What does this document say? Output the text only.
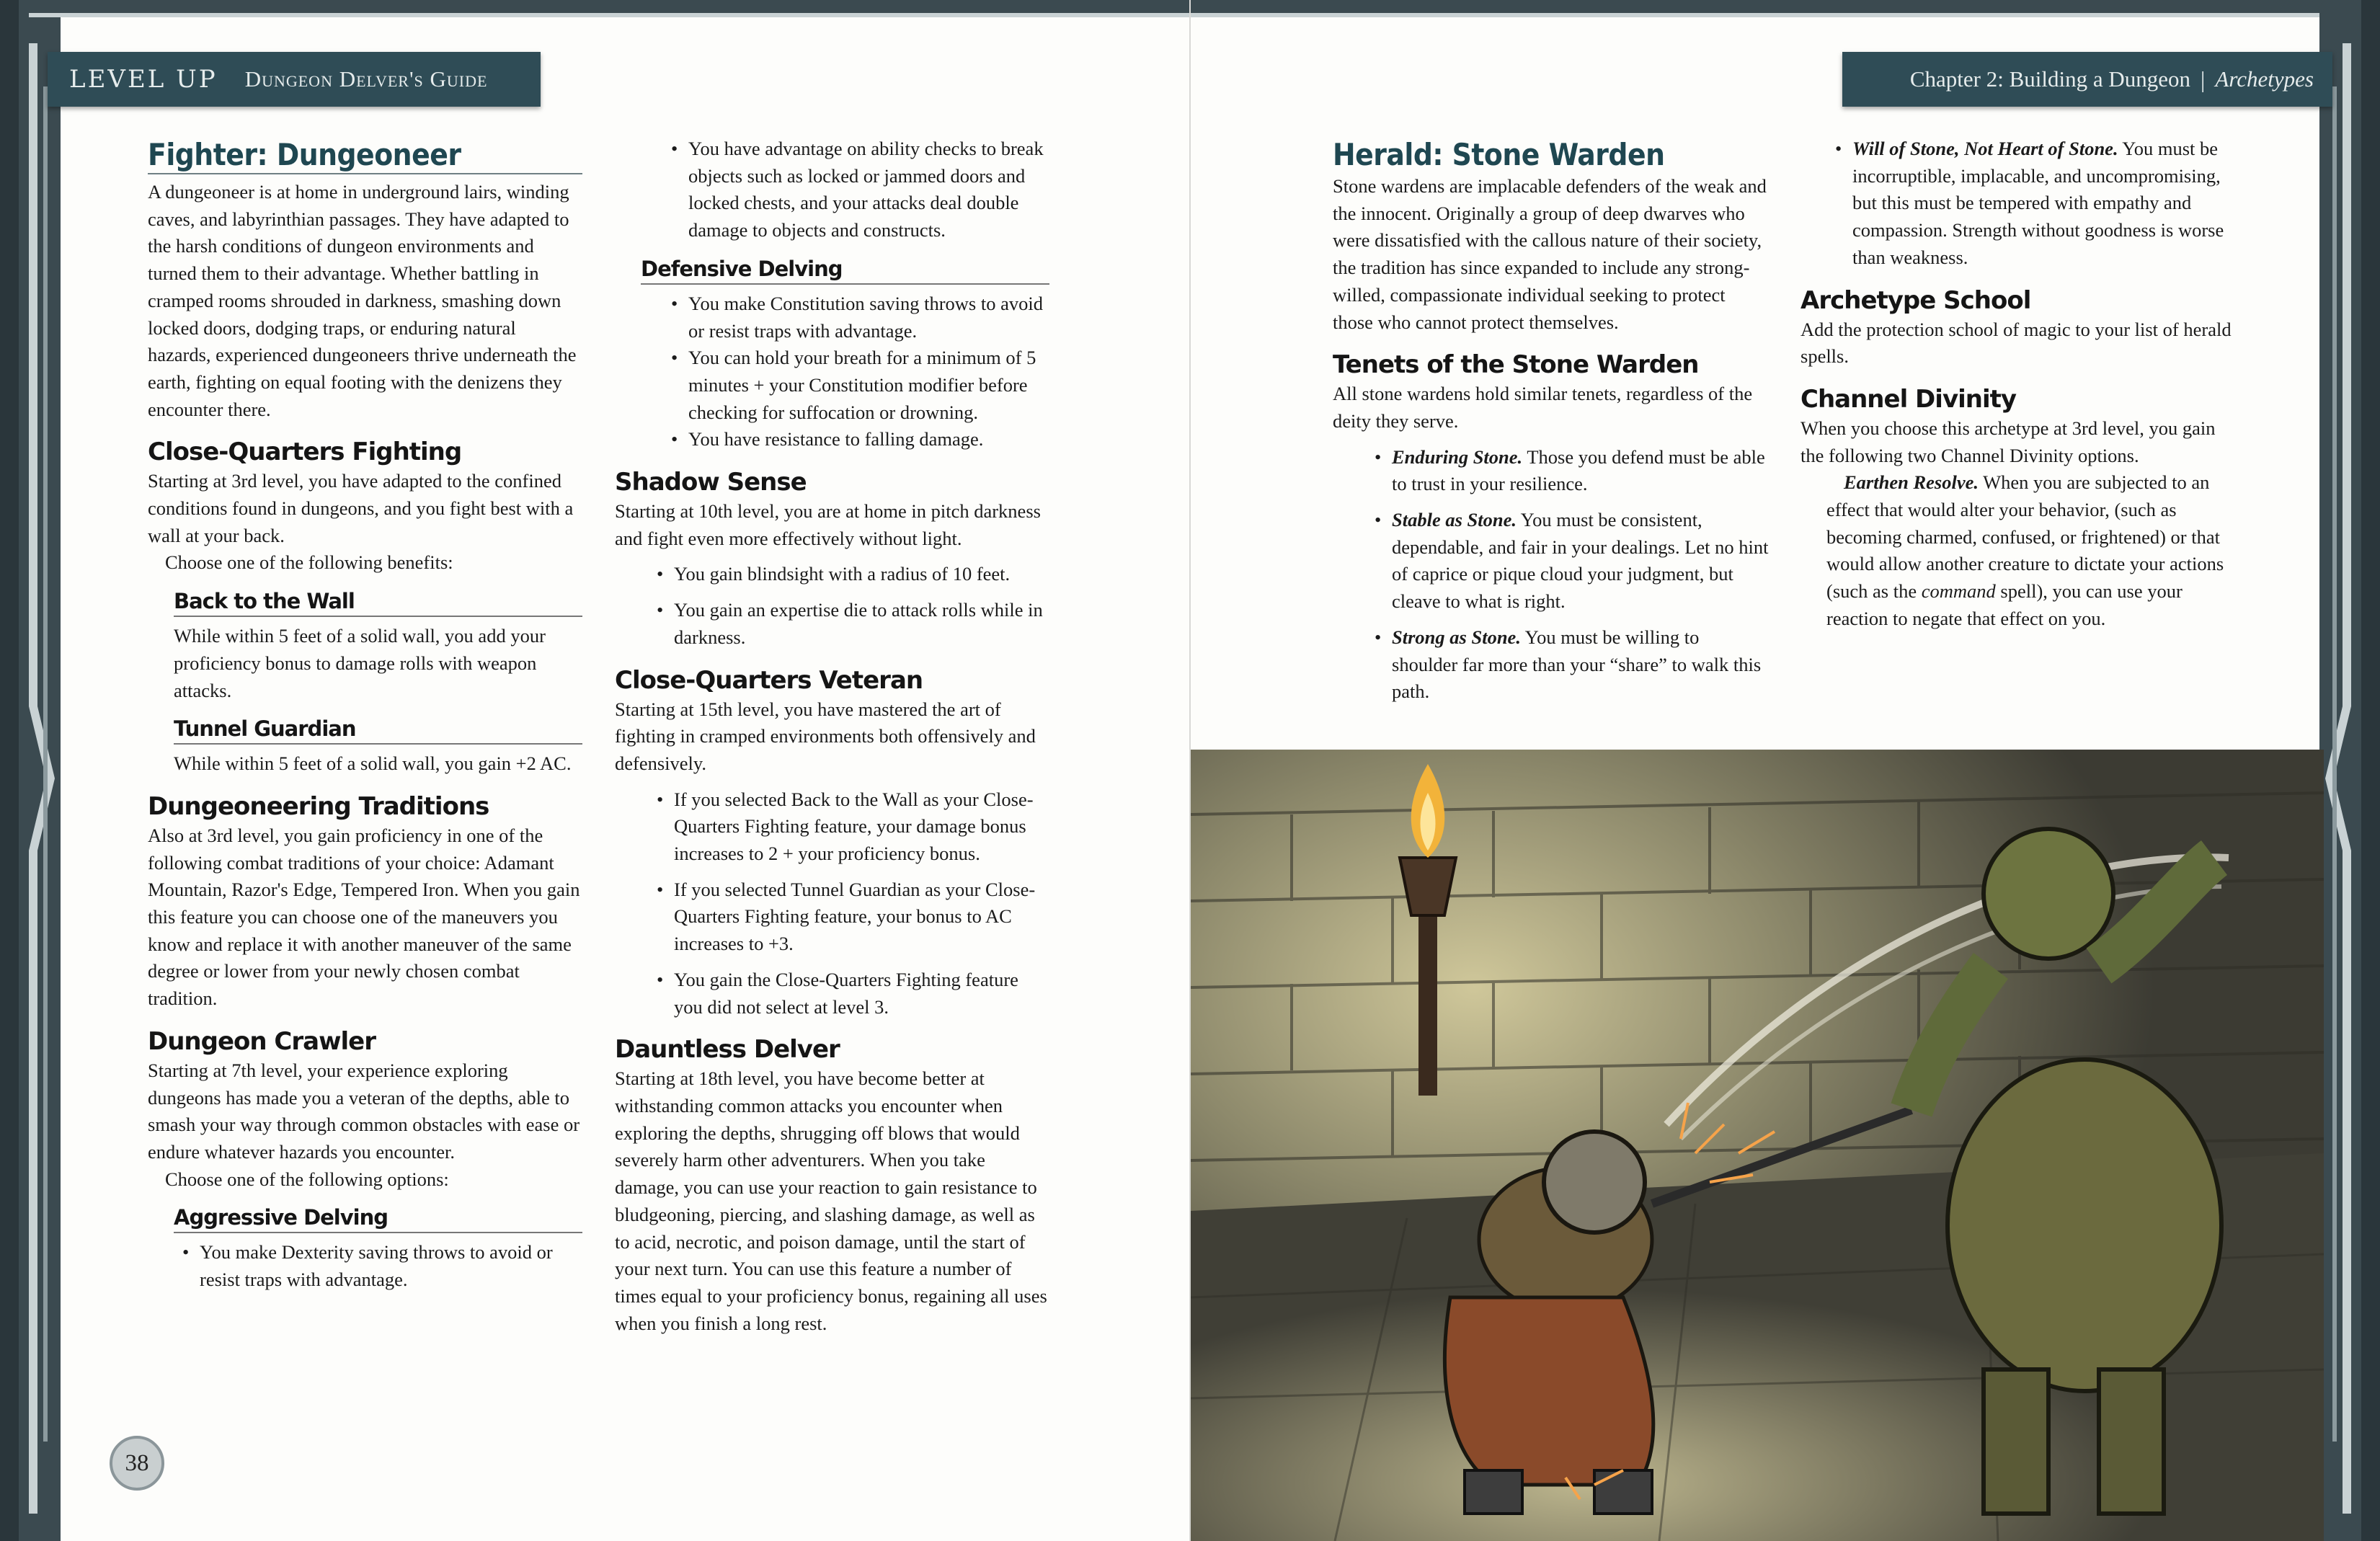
LEVEL UP Dungeon Delver's Guide
Fighter: Dungeoneer

A dungeoneer is at home in underground lairs, winding caves, and labyrinthian passages. They have adapted to the harsh conditions of dungeon environments and turned them to their advantage. Whether battling in cramped rooms shrouded in darkness, smashing down locked doors, dodging traps, or enduring natural hazards, experienced dungeoneers thrive underneath the earth, fighting on equal footing with the denizens they encounter there.

Close-Quarters Fighting

Starting at 3rd level, you have adapted to the confined conditions found in dungeons, and you fight best with a wall at your back.

Choose one of the following benefits:

Back to the Wall

While within 5 feet of a solid wall, you add your proficiency bonus to damage rolls with weapon attacks.

Tunnel Guardian

While within 5 feet of a solid wall, you gain +2 AC.

Dungeoneering Traditions

Also at 3rd level, you gain proficiency in one of the following combat traditions of your choice: Adamant Mountain, Razor's Edge, Tempered Iron. When you gain this feature you can choose one of the maneuvers you know and replace it with another maneuver of the same degree or lower from your newly chosen combat tradition.

Dungeon Crawler

Starting at 7th level, your experience exploring dungeons has made you a veteran of the depths, able to smash your way through common obstacles with ease or endure whatever hazards you encounter.

Choose one of the following options:

Aggressive Delving
• You make Dexterity saving throws to avoid or resist traps with advantage.
• You have advantage on ability checks to break objects such as locked or jammed doors and locked chests, and your attacks deal double damage to objects and constructs.
Defensive Delving
• You make Constitution saving throws to avoid or resist traps with advantage.
• You can hold your breath for a minimum of 5 minutes + your Constitution modifier before checking for suffocation or drowning.
• You have resistance to falling damage.
Shadow Sense

Starting at 10th level, you are at home in pitch darkness and fight even more effectively without light.

• You gain blindsight with a radius of 10 feet.
• You gain an expertise die to attack rolls while in darkness.
Close-Quarters Veteran

Starting at 15th level, you have mastered the art of fighting in cramped environments both offensively and defensively.

• If you selected Back to the Wall as your Close-Quarters Fighting feature, your damage bonus increases to 2 + your proficiency bonus.
• If you selected Tunnel Guardian as your Close-Quarters Fighting feature, your bonus to AC increases to +3.
• You gain the Close-Quarters Fighting feature you did not select at level 3.
Dauntless Delver

Starting at 18th level, you have become better at withstanding common attacks you encounter when exploring the depths, shrugging off blows that would severely harm other adventurers. When you take damage, you can use your reaction to gain resistance to bludgeoning, piercing, and slashing damage, as well as to acid, necrotic, and poison damage, until the start of your next turn. You can use this feature a number of times equal to your proficiency bonus, regaining all uses when you finish a long rest.

38
Chapter 2: Building a Dungeon | Archetypes
Herald: Stone Warden

Stone wardens are implacable defenders of the weak and the innocent. Originally a group of deep dwarves who were dissatisfied with the callous nature of their society, the tradition has since expanded to include any strong-willed, compassionate individual seeking to protect those who cannot protect themselves.

Tenets of the Stone Warden

All stone wardens hold similar tenets, regardless of the deity they serve.

• Enduring Stone. Those you defend must be able to trust in your resilience.
• Stable as Stone. You must be consistent, dependable, and fair in your dealings. Let no hint of caprice or pique cloud your judgment, but cleave to what is right.
• Strong as Stone. You must be willing to shoulder far more than your “share” to walk this path.
• Will of Stone, Not Heart of Stone. You must be incorruptible, implacable, and uncompromising, but this must be tempered with empathy and compassion. Strength without goodness is worse than weakness.
Archetype School

Add the protection school of magic to your list of herald spells.

Channel Divinity

When you choose this archetype at 3rd level, you gain the following two Channel Divinity options.

Earthen Resolve. When you are subjected to an effect that would alter your behavior, (such as becoming charmed, confused, or frightened) or that would allow another creature to dictate your actions (such as the command spell), you can use your reaction to negate that effect on you.
